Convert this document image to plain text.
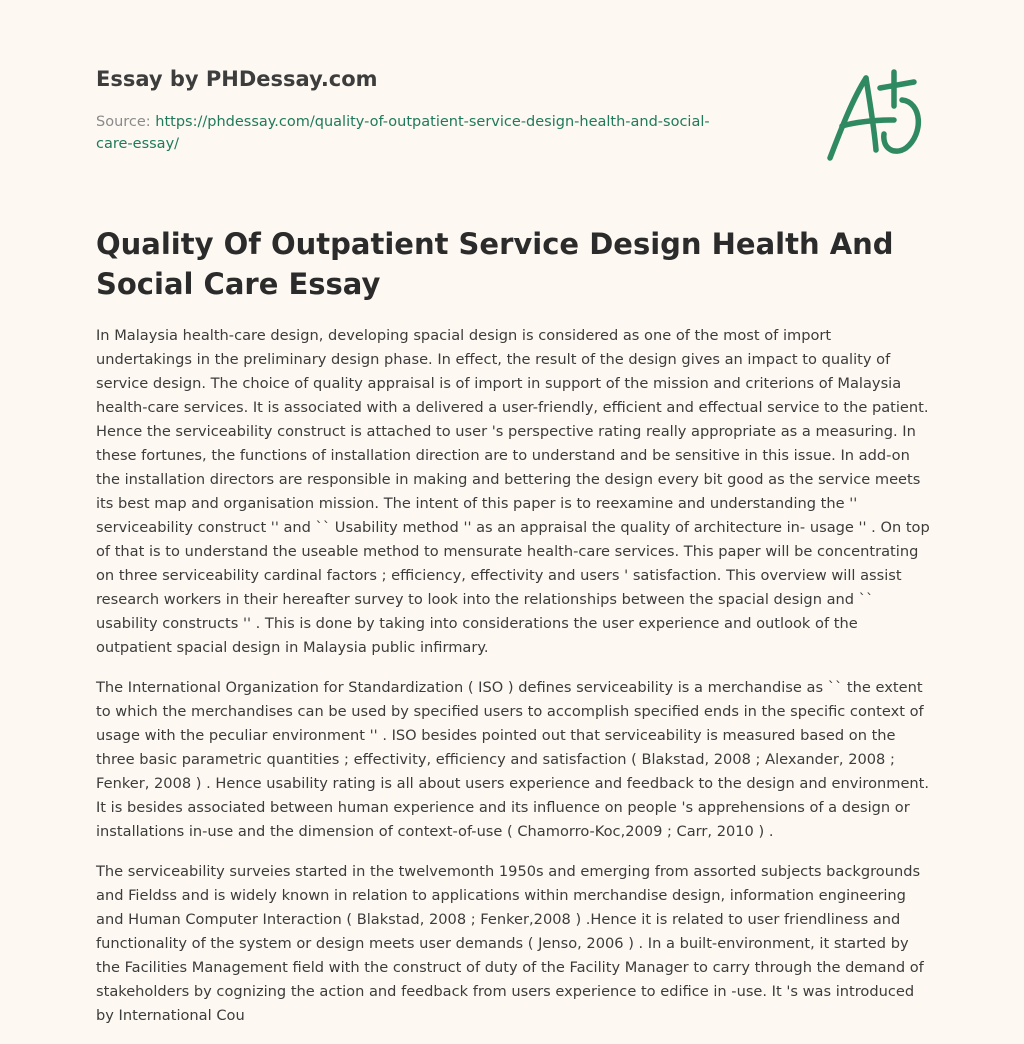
Essay by PHDessay.com
Source: https://phdessay.com/quality-of-outpatient-service-design-health-and-social-care-essay/
Quality Of Outpatient Service Design Health And Social Care Essay

In Malaysia health-care design, developing spacial design is considered as one of the most of import undertakings in the preliminary design phase. In effect, the result of the design gives an impact to quality of service design. The choice of quality appraisal is of import in support of the mission and criterions of Malaysia health-care services. It is associated with a delivered a user-friendly, efficient and effectual service to the patient. Hence the serviceability construct is attached to user 's perspective rating really appropriate as a measuring. In these fortunes, the functions of installation direction are to understand and be sensitive in this issue. In add-on the installation directors are responsible in making and bettering the design every bit good as the service meets its best map and organisation mission. The intent of this paper is to reexamine and understanding the '' serviceability construct '' and `` Usability method '' as an appraisal the quality of architecture in- usage '' . On top of that is to understand the useable method to mensurate health-care services. This paper will be concentrating on three serviceability cardinal factors ; efficiency, effectivity and users ' satisfaction. This overview will assist research workers in their hereafter survey to look into the relationships between the spacial design and `` usability constructs '' . This is done by taking into considerations the user experience and outlook of the outpatient spacial design in Malaysia public infirmary.

The International Organization for Standardization ( ISO ) defines serviceability is a merchandise as `` the extent to which the merchandises can be used by specified users to accomplish specified ends in the specific context of usage with the peculiar environment '' . ISO besides pointed out that serviceability is measured based on the three basic parametric quantities ; effectivity, efficiency and satisfaction ( Blakstad, 2008 ; Alexander, 2008 ; Fenker, 2008 ) . Hence usability rating is all about users experience and feedback to the design and environment. It is besides associated between human experience and its influence on people 's apprehensions of a design or installations in-use and the dimension of context-of-use ( Chamorro-Koc,2009 ; Carr, 2010 ) .

The serviceability surveies started in the twelvemonth 1950s and emerging from assorted subjects backgrounds and Fieldss and is widely known in relation to applications within merchandise design, information engineering and Human Computer Interaction ( Blakstad, 2008 ; Fenker,2008 ) .Hence it is related to user friendliness and functionality of the system or design meets user demands ( Jenso, 2006 ) . In a built-environment, it started by the Facilities Management field with the construct of duty of the Facility Manager to carry through the demand of stakeholders by cognizing the action and feedback from users experience to edifice in -use. It 's was introduced by International Cou
